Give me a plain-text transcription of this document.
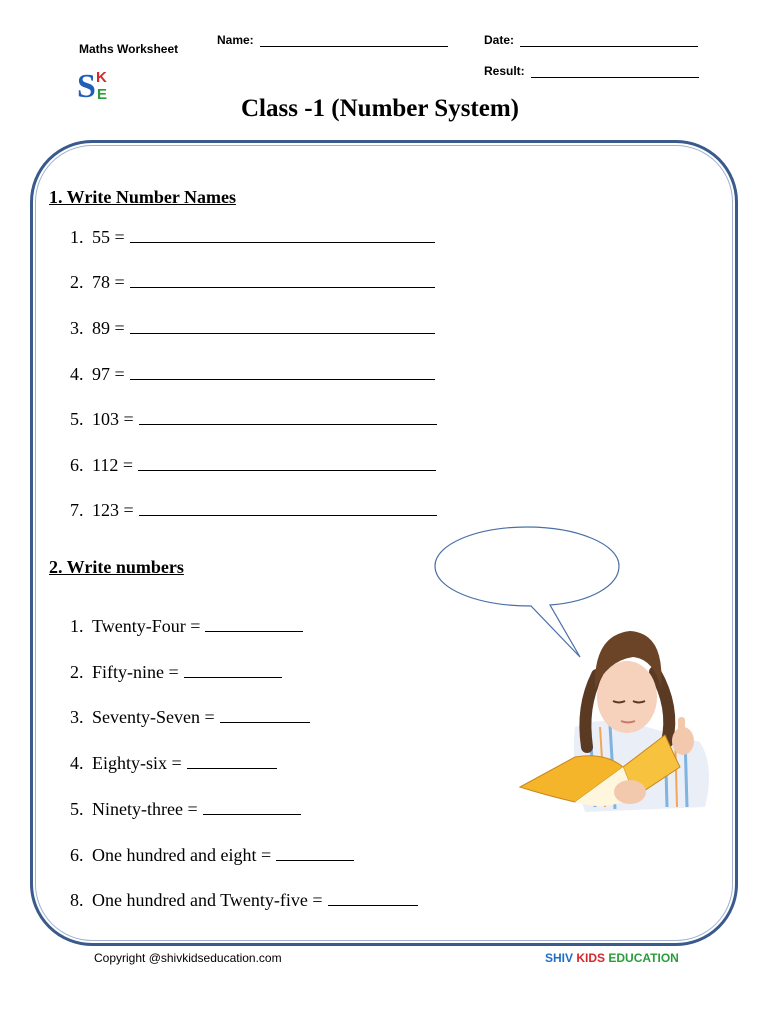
Maths Worksheet
S K
E
Name:	Date:
Result:
Class -1 (Number System)
1. Write Number Names
1. 55 =
2. 78 =
3. 89 =
4. 97 =
5. 103 =
6. 112 =
7. 123 =
2. Write numbers
1. Twenty-Four =
2. Fifty-nine =
3. Seventy-Seven =
4. Eighty-six =
5. Ninety-three =
6. One hundred and eight =
8. One hundred and Twenty-five =
Copyright @shivkidseducation.com	SHIV KIDS EDUCATION
